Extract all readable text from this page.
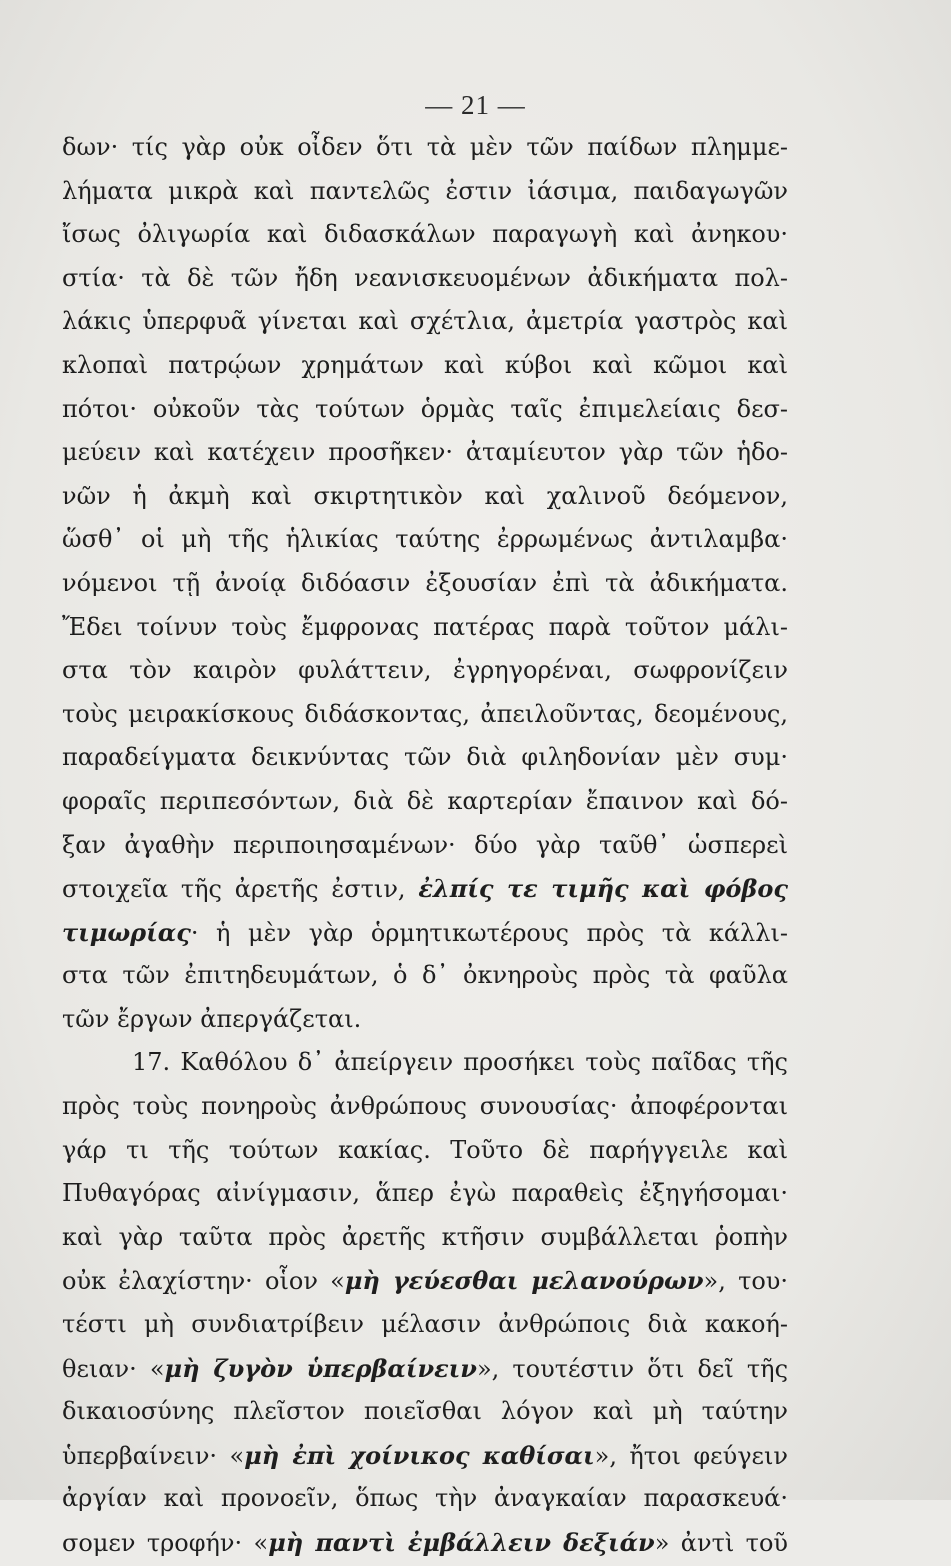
— 21 —
δων· τίς γὰρ οὐκ οἶδεν ὅτι τὰ μὲν τῶν παίδων πλημμε-
λήματα μικρὰ καὶ παντελῶς ἐστιν ἰάσιμα, παιδαγωγῶν
ἴσως ὀλιγωρία καὶ διδασκάλων παραγωγὴ καὶ ἀνηκου·
στία· τὰ δὲ τῶν ἤδη νεανισκευομένων ἀδικήματα πολ-
λάκις ὑπερφυᾶ γίνεται καὶ σχέτλια, ἀμετρία γαστρὸς καὶ
κλοπαὶ πατρῴων χρημάτων καὶ κύβοι καὶ κῶμοι καὶ
πότοι· οὐκοῦν τὰς τούτων ὁρμὰς ταῖς ἐπιμελείαις δεσ-
μεύειν καὶ κατέχειν προσῆκεν· ἀταμίευτον γὰρ τῶν ἡδο-
νῶν ἡ ἀκμὴ καὶ σκιρτητικὸν καὶ χαλινοῦ δεόμενον,
ὥσθ᾽ οἱ μὴ τῆς ἡλικίας ταύτης ἐρρωμένως ἀντιλαμβα·
νόμενοι τῇ ἀνοίᾳ διδόασιν ἐξουσίαν ἐπὶ τὰ ἀδικήματα.
Ἔδει τοίνυν τοὺς ἔμφρονας πατέρας παρὰ τοῦτον μάλι-
στα τὸν καιρὸν φυλάττειν, ἐγρηγορέναι, σωφρονίζειν
τοὺς μειρακίσκους διδάσκοντας, ἀπειλοῦντας, δεομένους,
παραδείγματα δεικνύντας τῶν διὰ φιληδονίαν μὲν συμ·
φοραῖς περιπεσόντων, διὰ δὲ καρτερίαν ἔπαινον καὶ δό-
ξαν ἀγαθὴν περιποιησαμένων· δύο γὰρ ταῦθ᾽ ὡσπερεὶ
στοιχεῖα τῆς ἀρετῆς ἐστιν, ἐλπίς τε τιμῆς καὶ φόβος
τιμωρίας· ἡ μὲν γὰρ ὁρμητικωτέρους πρὸς τὰ κάλλι-
στα τῶν ἐπιτηδευμάτων, ὁ δ᾽ ὀκνηροὺς πρὸς τὰ φαῦλα
τῶν ἔργων ἀπεργάζεται.
17. Καθόλου δ᾽ ἀπείργειν προσήκει τοὺς παῖδας τῆς
πρὸς τοὺς πονηροὺς ἀνθρώπους συνουσίας· ἀποφέρονται
γάρ τι τῆς τούτων κακίας. Τοῦτο δὲ παρήγγειλε καὶ
Πυθαγόρας αἰνίγμασιν, ἅπερ ἐγὼ παραθεὶς ἐξηγήσομαι·
καὶ γὰρ ταῦτα πρὸς ἀρετῆς κτῆσιν συμβάλλεται ῥοπὴν
οὐκ ἐλαχίστην· οἷον «μὴ γεύεσθαι μελανούρων», του·
τέστι μὴ συνδιατρίβειν μέλασιν ἀνθρώποις διὰ κακοή-
θειαν· «μὴ ζυγὸν ὑπερβαίνειν», τουτέστιν ὅτι δεῖ τῆς
δικαιοσύνης πλεῖστον ποιεῖσθαι λόγον καὶ μὴ ταύτην
ὑπερβαίνειν· «μὴ ἐπὶ χοίνικος καθίσαι», ἤτοι φεύγειν
ἀργίαν καὶ προνοεῖν, ὅπως τὴν ἀναγκαίαν παρασκευά·
σομεν τροφήν· «μὴ παντὶ ἐμβάλλειν δεξιάν» ἀντὶ τοῦ
